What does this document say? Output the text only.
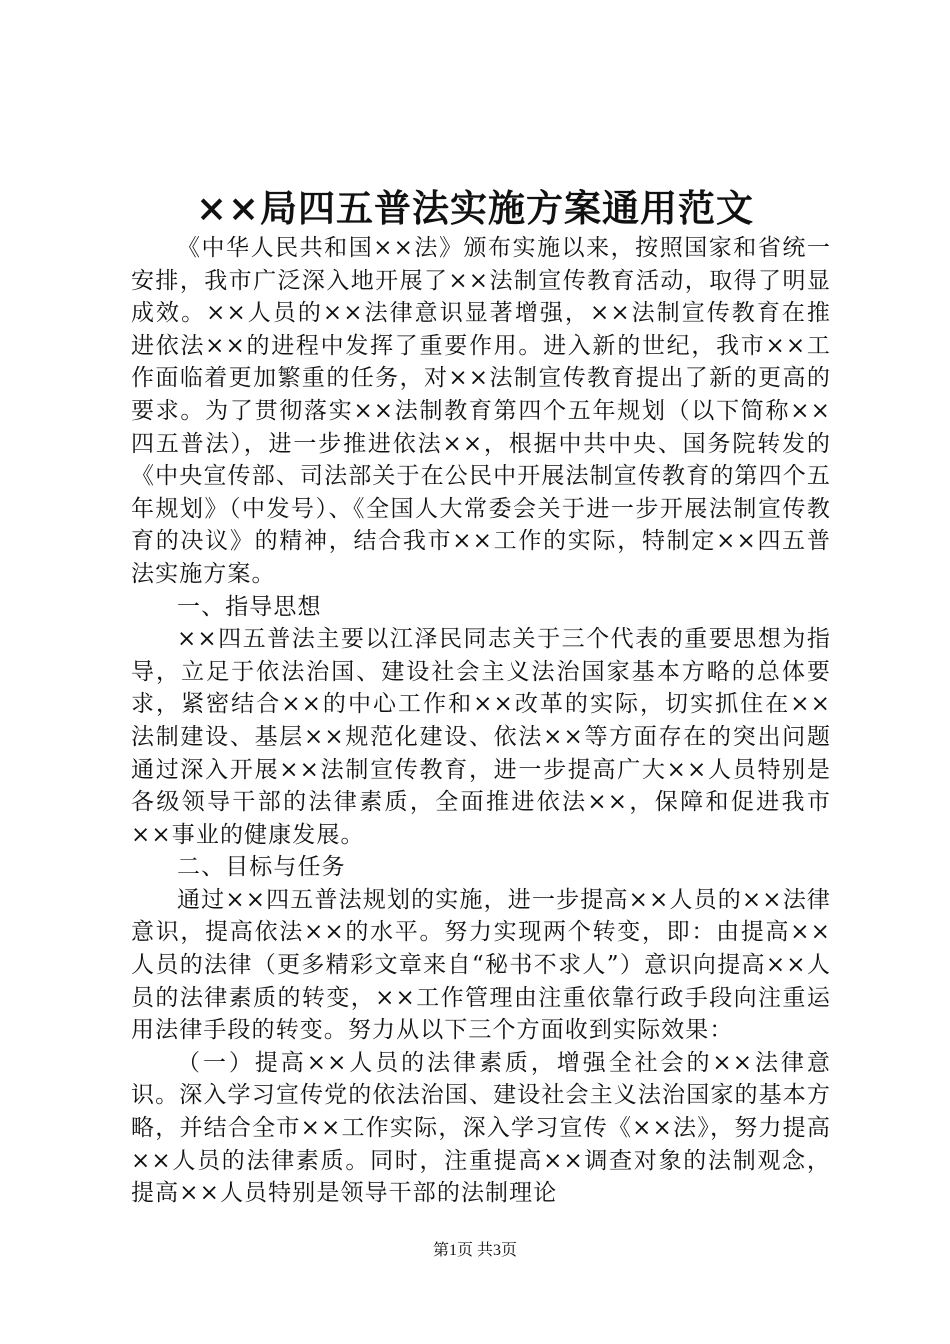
××局四五普法实施方案通用范文

《中华人民共和国××法》颁布实施以来，按照国家和省统一安排，我市广泛深入地开展了××法制宣传教育活动，取得了明显成效。××人员的××法律意识显著增强，××法制宣传教育在推进依法××的进程中发挥了重要作用。进入新的世纪，我市××工作面临着更加繁重的任务，对××法制宣传教育提出了新的更高的要求。为了贯彻落实××法制教育第四个五年规划（以下简称××四五普法），进一步推进依法××，根据中共中央、国务院转发的《中央宣传部、司法部关于在公民中开展法制宣传教育的第四个五年规划》（中发号）、《全国人大常委会关于进一步开展法制宣传教育的决议》的精神，结合我市××工作的实际，特制定××四五普法实施方案。

一、指导思想

××四五普法主要以江泽民同志关于三个代表的重要思想为指导，立足于依法治国、建设社会主义法治国家基本方略的总体要求，紧密结合××的中心工作和××改革的实际，切实抓住在××法制建设、基层××规范化建设、依法××等方面存在的突出问题通过深入开展××法制宣传教育，进一步提高广大××人员特别是各级领导干部的法律素质，全面推进依法××，保障和促进我市××事业的健康发展。

二、目标与任务

通过××四五普法规划的实施，进一步提高××人员的××法律意识，提高依法××的水平。努力实现两个转变，即：由提高××人员的法律（更多精彩文章来自“秘书不求人”）意识向提高××人员的法律素质的转变，××工作管理由注重依靠行政手段向注重运用法律手段的转变。努力从以下三个方面收到实际效果：

（一）提高××人员的法律素质，增强全社会的××法律意识。深入学习宣传党的依法治国、建设社会主义法治国家的基本方略，并结合全市××工作实际，深入学习宣传《××法》，努力提高××人员的法律素质。同时，注重提高××调查对象的法制观念，提高××人员特别是领导干部的法制理论

第1页 共3页
